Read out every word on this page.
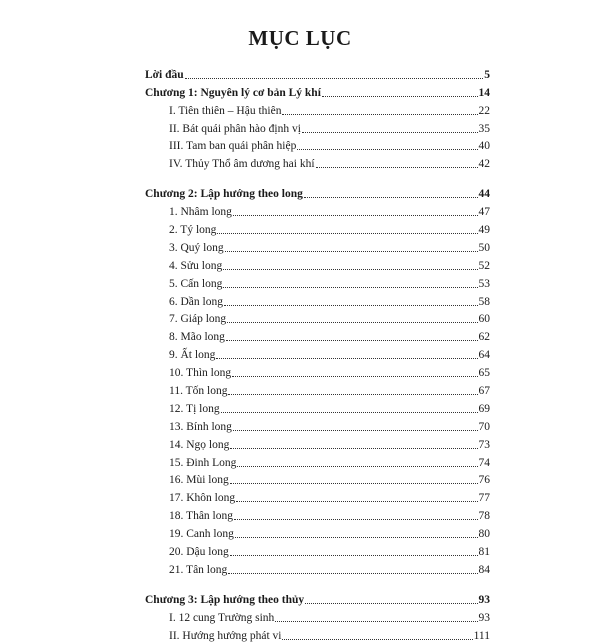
MỤC LỤC
Lời đầu	5
Chương 1: Nguyên lý cơ bản Lý khí	14
I. Tiên thiên – Hậu thiên	22
II. Bát quái phân hào định vị	35
III. Tam ban quái phân hiệp	40
IV. Thủy Thổ âm dương hai khí	42
Chương 2: Lập hướng theo long	44
1. Nhâm long	47
2. Tý long	49
3. Quý long	50
4. Sửu long	52
5. Cấn long	53
6. Dần long	58
7. Giáp long	60
8. Mão long	62
9. Ất long	64
10. Thìn long	65
11. Tốn long	67
12. Tị long	69
13. Bính long	70
14. Ngọ long	73
15. Đinh Long	74
16. Mùi long	76
17. Khôn long	77
18. Thân long	78
19. Canh long	80
20. Dậu long	81
21. Tân long	84
Chương 3: Lập hướng theo thủy	93
I. 12 cung Trường sinh	93
II. Hướng hướng phát vi	111
